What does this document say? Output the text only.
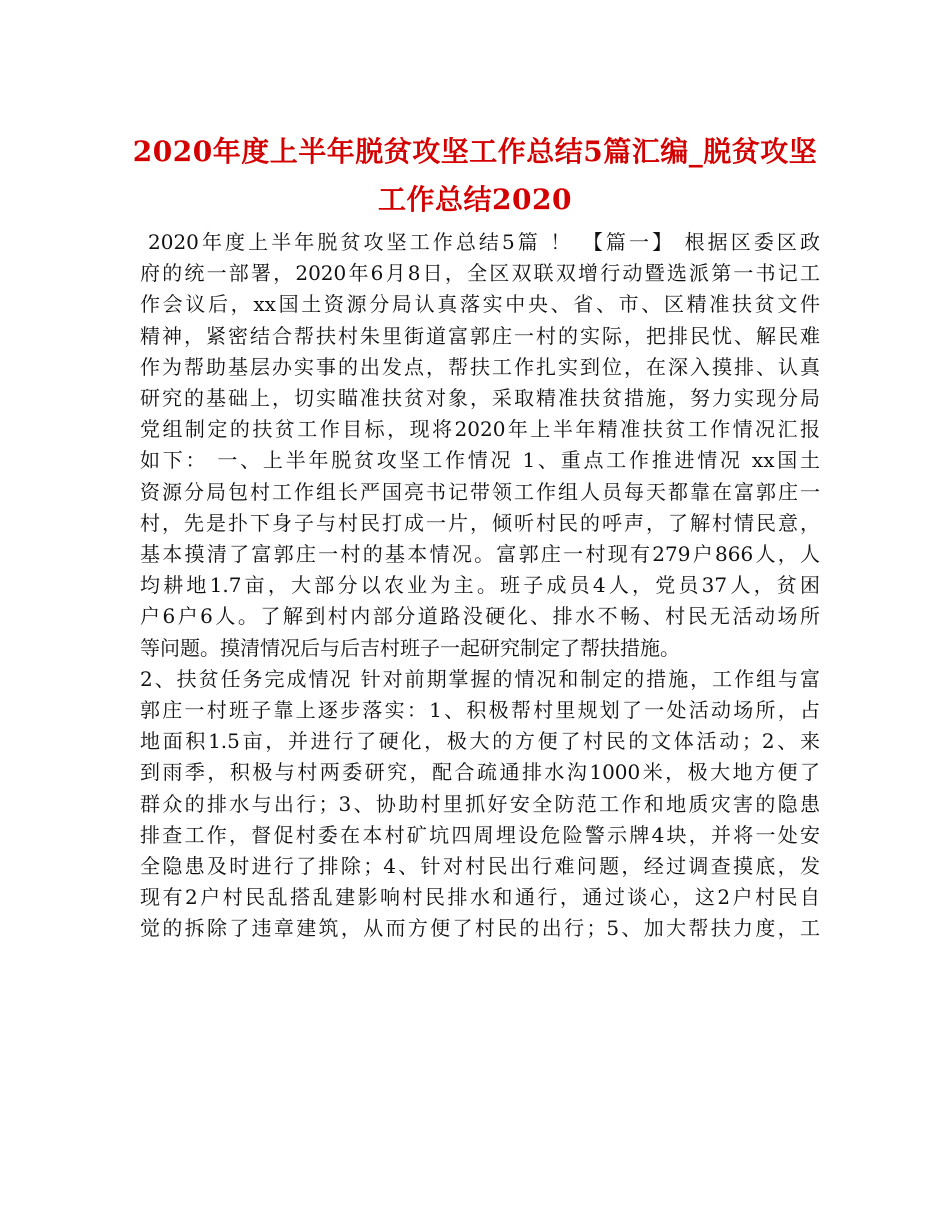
2020年度上半年脱贫攻坚工作总结5篇汇编_脱贫攻坚
工作总结2020
2020年度上半年脱贫攻坚工作总结5篇 ！ 【篇一】 根据区委区政
府的统一部署，2020年6月8日，全区双联双增行动暨选派第一书记工
作会议后，xx国土资源分局认真落实中央、省、市、区精准扶贫文件
精神，紧密结合帮扶村朱里街道富郭庄一村的实际，把排民忧、解民难
作为帮助基层办实事的出发点，帮扶工作扎实到位，在深入摸排、认真
研究的基础上，切实瞄准扶贫对象，采取精准扶贫措施，努力实现分局
党组制定的扶贫工作目标，现将2020年上半年精准扶贫工作情况汇报
如下： 一、上半年脱贫攻坚工作情况 1、重点工作推进情况 xx国土
资源分局包村工作组长严国亮书记带领工作组人员每天都靠在富郭庄一
村，先是扑下身子与村民打成一片，倾听村民的呼声，了解村情民意，
基本摸清了富郭庄一村的基本情况。富郭庄一村现有279户866人，人
均耕地1.7亩，大部分以农业为主。班子成员4人，党员37人，贫困
户6户6人。了解到村内部分道路没硬化、排水不畅、村民无活动场所
等问题。摸清情况后与后吉村班子一起研究制定了帮扶措施。
2、扶贫任务完成情况 针对前期掌握的情况和制定的措施，工作组与富
郭庄一村班子靠上逐步落实：1、积极帮村里规划了一处活动场所，占
地面积1.5亩，并进行了硬化，极大的方便了村民的文体活动；2、来
到雨季，积极与村两委研究，配合疏通排水沟1000米，极大地方便了
群众的排水与出行；3、协助村里抓好安全防范工作和地质灾害的隐患
排查工作，督促村委在本村矿坑四周埋设危险警示牌4块，并将一处安
全隐患及时进行了排除；4、针对村民出行难问题，经过调查摸底，发
现有2户村民乱搭乱建影响村民排水和通行，通过谈心，这2户村民自
觉的拆除了违章建筑，从而方便了村民的出行；5、加大帮扶力度，工
